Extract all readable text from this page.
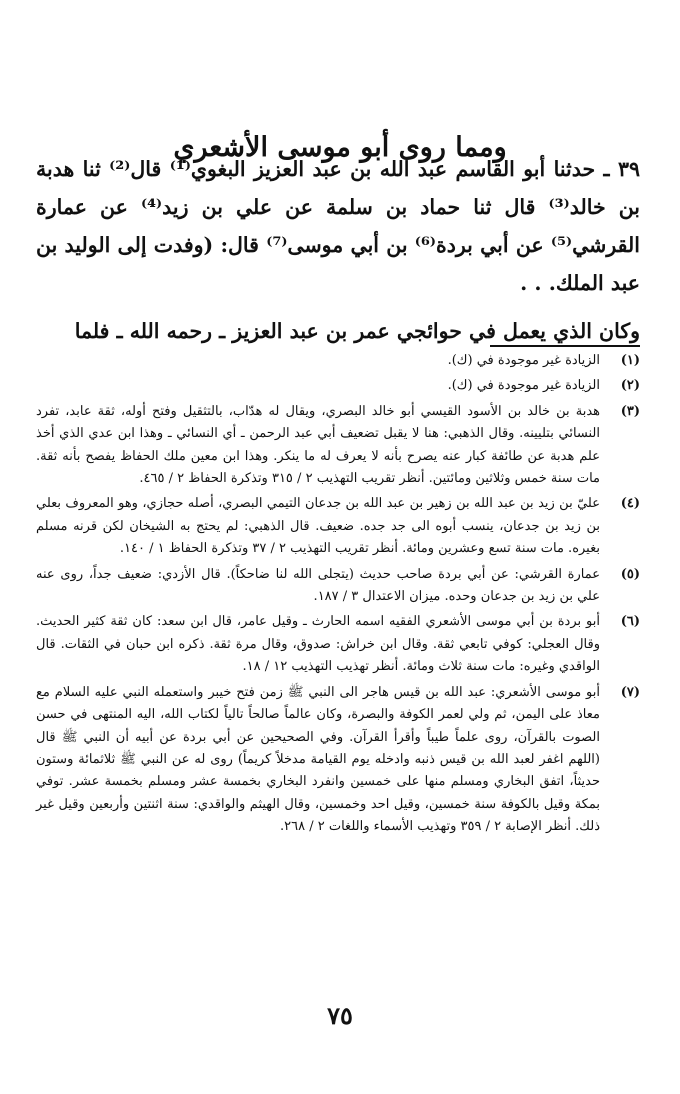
ومما روى أبو موسى الأشعري

٣٩ ـ حدثنا أبو القاسم عبد الله بن عبد العزيز البغوي⁽¹⁾ قال⁽²⁾ ثنا هدبة بن خالد⁽³⁾ قال ثنا حماد بن سلمة عن علي بن زيد⁽⁴⁾ عن عمارة القرشي⁽⁵⁾ عن أبي بردة⁽⁶⁾ بن أبي موسى⁽⁷⁾ قال: (وفدت إلى الوليد بن عبد الملك. . .

وكان الذي يعمل في حوائجي عمر بن عبد العزيز ـ رحمه الله ـ فلما

(١)
الزيادة غير موجودة في (ك).
(٢)
الزيادة غير موجودة في (ك).
(٣)
هدبة بن خالد بن الأسود القيسي أبو خالد البصري، ويقال له هدّاب، بالتثقيل وفتح أوله، ثقة عابد، تفرد النسائي بتليينه. وقال الذهبي: هنا لا يقبل تضعيف أبي عبد الرحمن ـ أي النسائي ـ وهذا ابن عدي الذي أخذ علم هدبة عن طائفة كبار عنه يصرح بأنه لا يعرف له ما ينكر. وهذا ابن معين ملك الحفاظ يفصح بأنه ثقة. مات سنة خمس وثلاثين ومائتين. أنظر تقريب التهذيب ٢ / ٣١٥ وتذكرة الحفاظ ٢ / ٤٦٥.
(٤)
عليّ بن زيد بن عبد الله بن زهير بن عبد الله بن جدعان التيمي البصري، أصله حجازي، وهو المعروف بعلي بن زيد بن جدعان، ينسب أبوه الى جد جده. ضعيف. قال الذهبي: لم يحتج به الشيخان لكن قرنه مسلم بغيره. مات سنة تسع وعشرين ومائة. أنظر تقريب التهذيب ٢ / ٣٧ وتذكرة الحفاظ ١ / ١٤٠.
(٥)
عمارة القرشي: عن أبي بردة صاحب حديث (يتجلى الله لنا ضاحكاً). قال الأزدي: ضعيف جداً، روى عنه علي بن زيد بن جدعان وحده. ميزان الاعتدال ٣ / ١٨٧.
(٦)
أبو بردة بن أبي موسى الأشعري الفقيه اسمه الحارث ـ وقيل عامر، قال ابن سعد: كان ثقة كثير الحديث. وقال العجلي: كوفي تابعي ثقة. وقال ابن خراش: صدوق، وقال مرة ثقة. ذكره ابن حبان في الثقات. قال الواقدي وغيره: مات سنة ثلاث ومائة. أنظر تهذيب التهذيب ١٢ / ١٨.
(٧)
أبو موسى الأشعري: عبد الله بن قيس هاجر الى النبي ﷺ زمن فتح خيبر واستعمله النبي عليه السلام مع معاذ على اليمن، ثم ولي لعمر الكوفة والبصرة، وكان عالماً صالحاً تالياً لكتاب الله، اليه المنتهى في حسن الصوت بالقرآن، روى علماً طيباً وأقرأ القرآن. وفي الصحيحين عن أبي بردة عن أبيه أن النبي ﷺ قال (اللهم اغفر لعبد الله بن قيس ذنبه وادخله يوم القيامة مدخلاً كريماً) روى له عن النبي ﷺ ثلاثمائة وستون حديثاً، اتفق البخاري ومسلم منها على خمسين وانفرد البخاري بخمسة عشر ومسلم بخمسة عشر. توفي بمكة وقيل بالكوفة سنة خمسين، وقيل احد وخمسين، وقال الهيثم والواقدي: سنة اثنتين وأربعين وقيل غير ذلك. أنظر الإصابة ٢ / ٣٥٩ وتهذيب الأسماء واللغات ٢ / ٢٦٨.
٧٥
